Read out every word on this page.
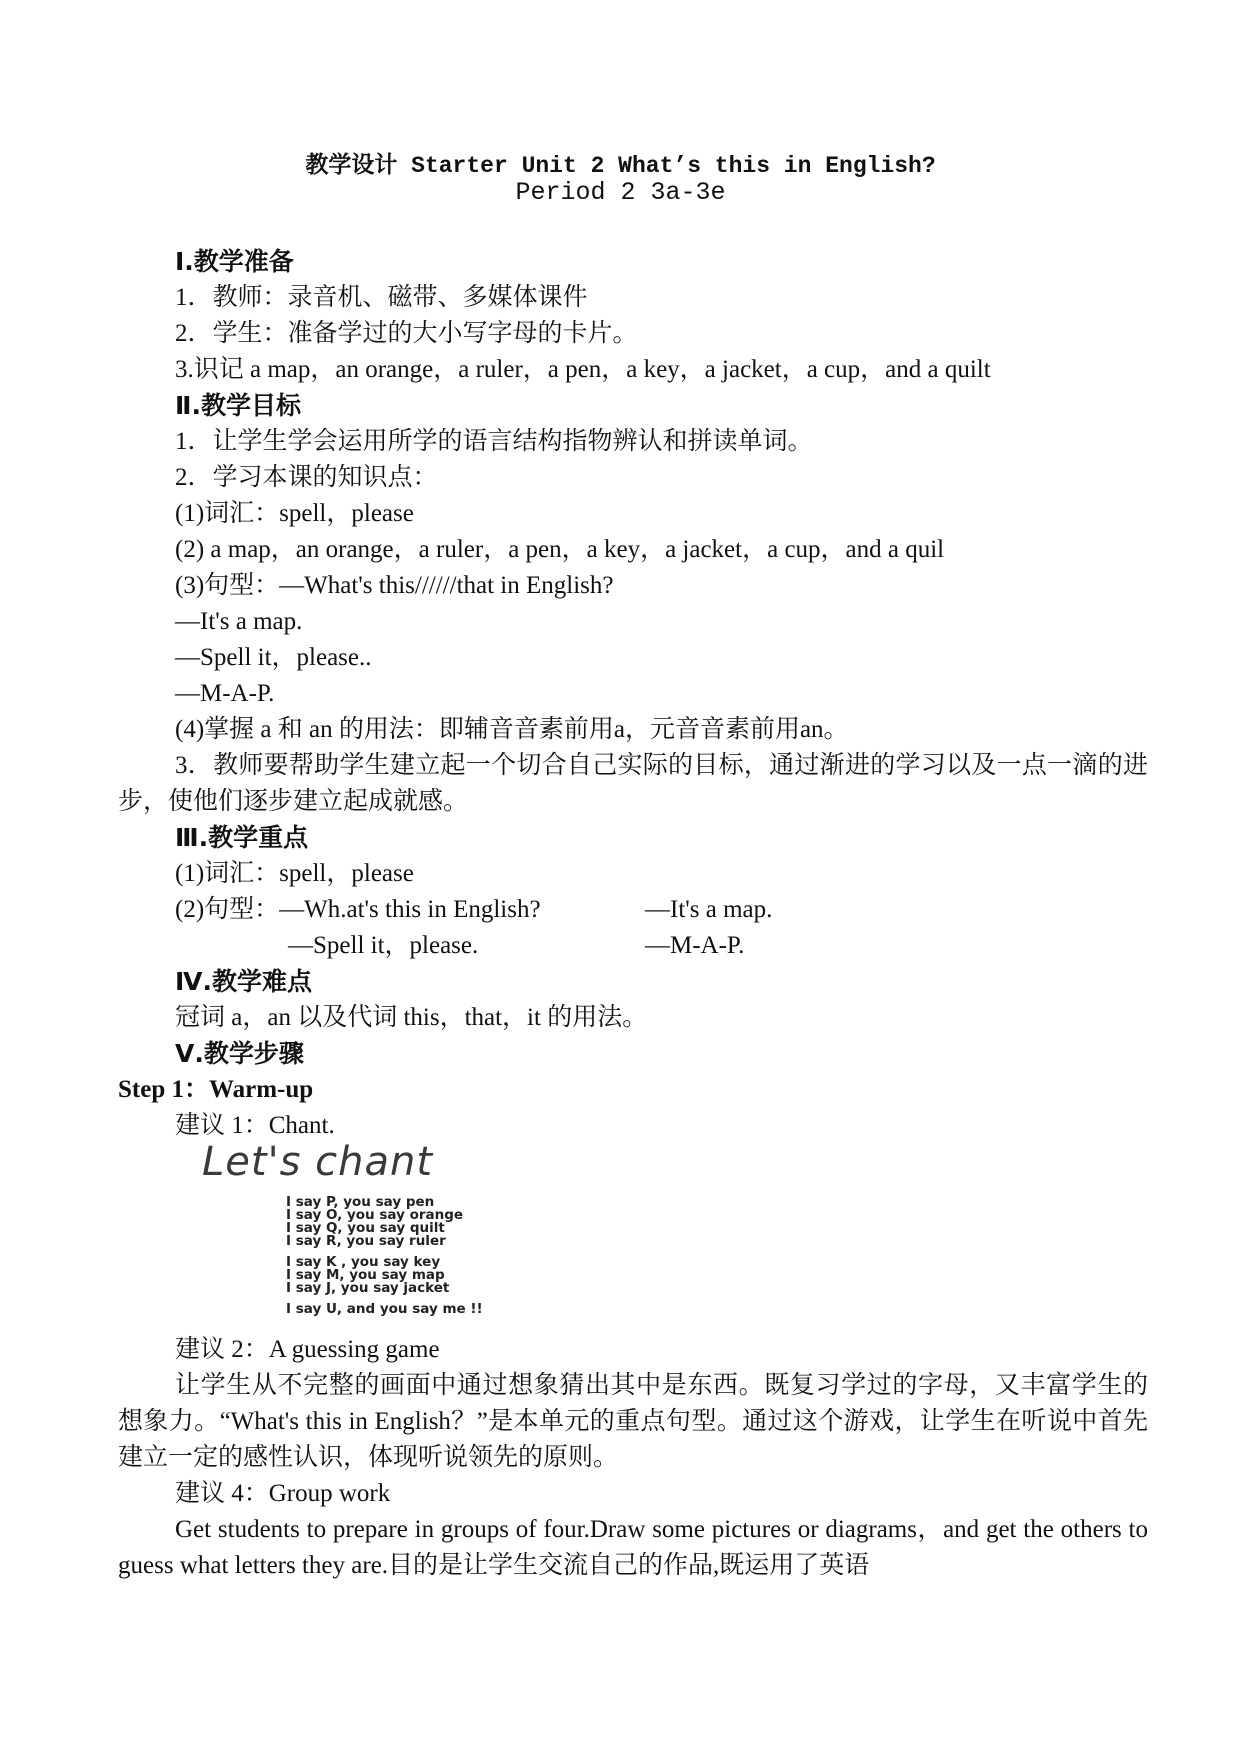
教学设计 Starter Unit 2 What’s this in English?
Period 2 3a-3e
Ⅰ.教学准备
1．教师：录音机、磁带、多媒体课件
2．学生：准备学过的大小写字母的卡片。
3.识记 a map，an orange，a ruler，a pen，a key，a jacket，a cup，and a quilt
Ⅱ.教学目标
1．让学生学会运用所学的语言结构指物辨认和拼读单词。
2．学习本课的知识点：
(1)词汇：spell，please
(2) a map，an orange，a ruler，a pen，a key，a jacket，a cup，and a quil
(3)句型：—What's this//////that in English?
—It's a map.
—Spell it，please..
—M-A-P.
(4)掌握 a 和 an 的用法：即辅音音素前用a，元音音素前用an。
3．教师要帮助学生建立起一个切合自己实际的目标，通过渐进的学习以及一点一滴的进步，使他们逐步建立起成就感。
Ⅲ.教学重点
(1)词汇：spell，please
(2)句型：—Wh.at's this in English?	—It's a map.
—Spell it，please.	—M-A-P.
Ⅳ.教学难点
冠词 a，an 以及代词 this，that，it 的用法。
Ⅴ.教学步骤
Step 1：Warm-up
建议 1：Chant.
Let's chant
I say P, you say pen
I say O, you say orange
I say Q, you say quilt
I say R, you say ruler
I say K , you say key
I say M, you say map
I say J, you say jacket
I say U, and you say me !!
建议 2：A guessing game
让学生从不完整的画面中通过想象猜出其中是东西。既复习学过的字母，又丰富学生的想象力。“What's this in English？”是本单元的重点句型。通过这个游戏，让学生在听说中首先建立一定的感性认识，体现听说领先的原则。
建议 4：Group work
Get students to prepare in groups of four.Draw some pictures or diagrams，and get the others to guess what letters they are.目的是让学生交流自己的作品,既运用了英语
